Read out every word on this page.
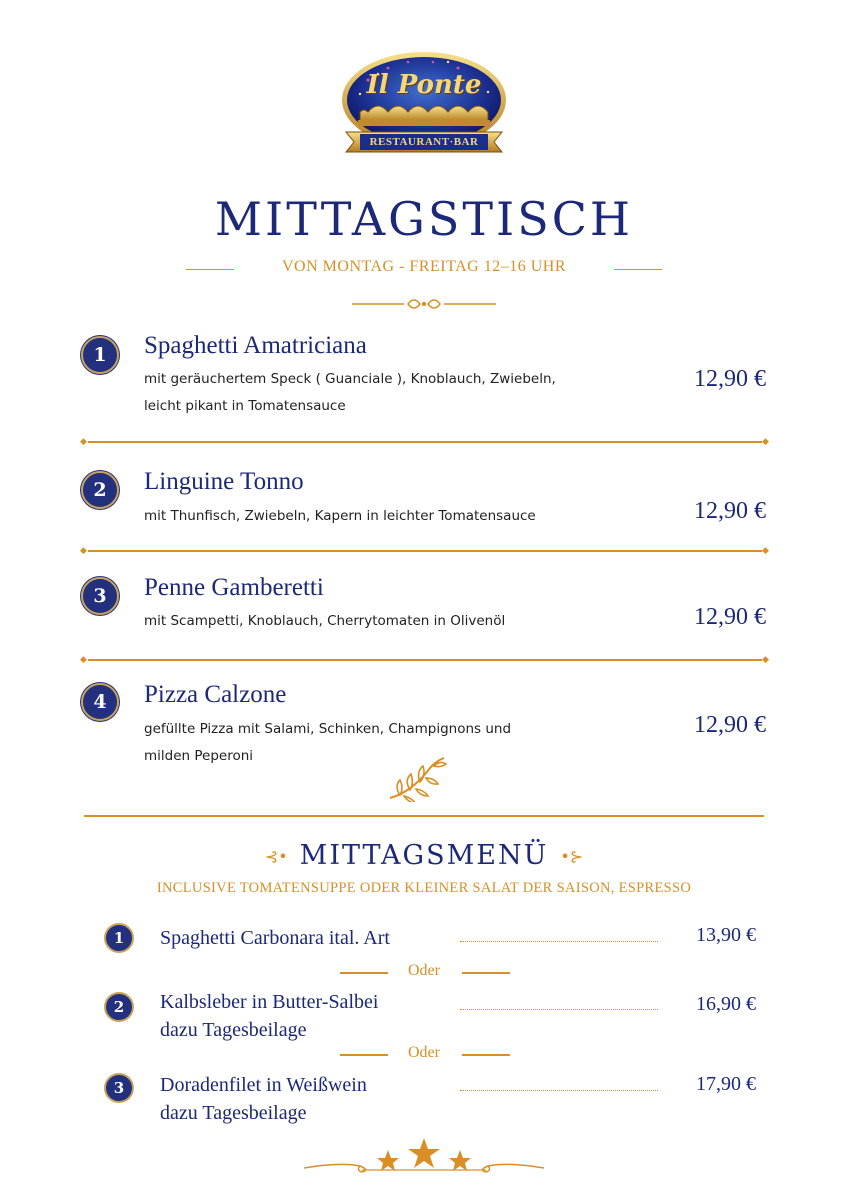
Il Ponte
RESTAURANT·BAR
MITTAGSTISCH
VON MONTAG - FREITAG 12–16 UHR
1	Spaghetti Amatriciana
mit geräuchertem Speck ( Guanciale ), Knoblauch, Zwiebeln, leicht pikant in Tomatensauce
12,90 €
◆	◆
2	Linguine Tonno
mit Thunfisch, Zwiebeln, Kapern in leichter Tomatensauce	12,90 €
◆	◆
3	Penne Gamberetti
mit Scampetti, Knoblauch, Cherrytomaten in Olivenöl	12,90 €
◆	◆
4	Pizza Calzone
gefüllte Pizza mit Salami, Schinken, Champignons und milden Peperoni
12,90 €
⊰• MITTAGSMENÜ •⊱
INCLUSIVE TOMATENSUPPE ODER KLEINER SALAT DER SAISON, ESPRESSO
1	Spaghetti Carbonara ital. Art	13,90 €
Oder
2	Kalbsleber in Butter-Salbei
dazu Tagesbeilage
16,90 €
Oder
3	Doradenfilet in Weißwein
dazu Tagesbeilage
17,90 €
